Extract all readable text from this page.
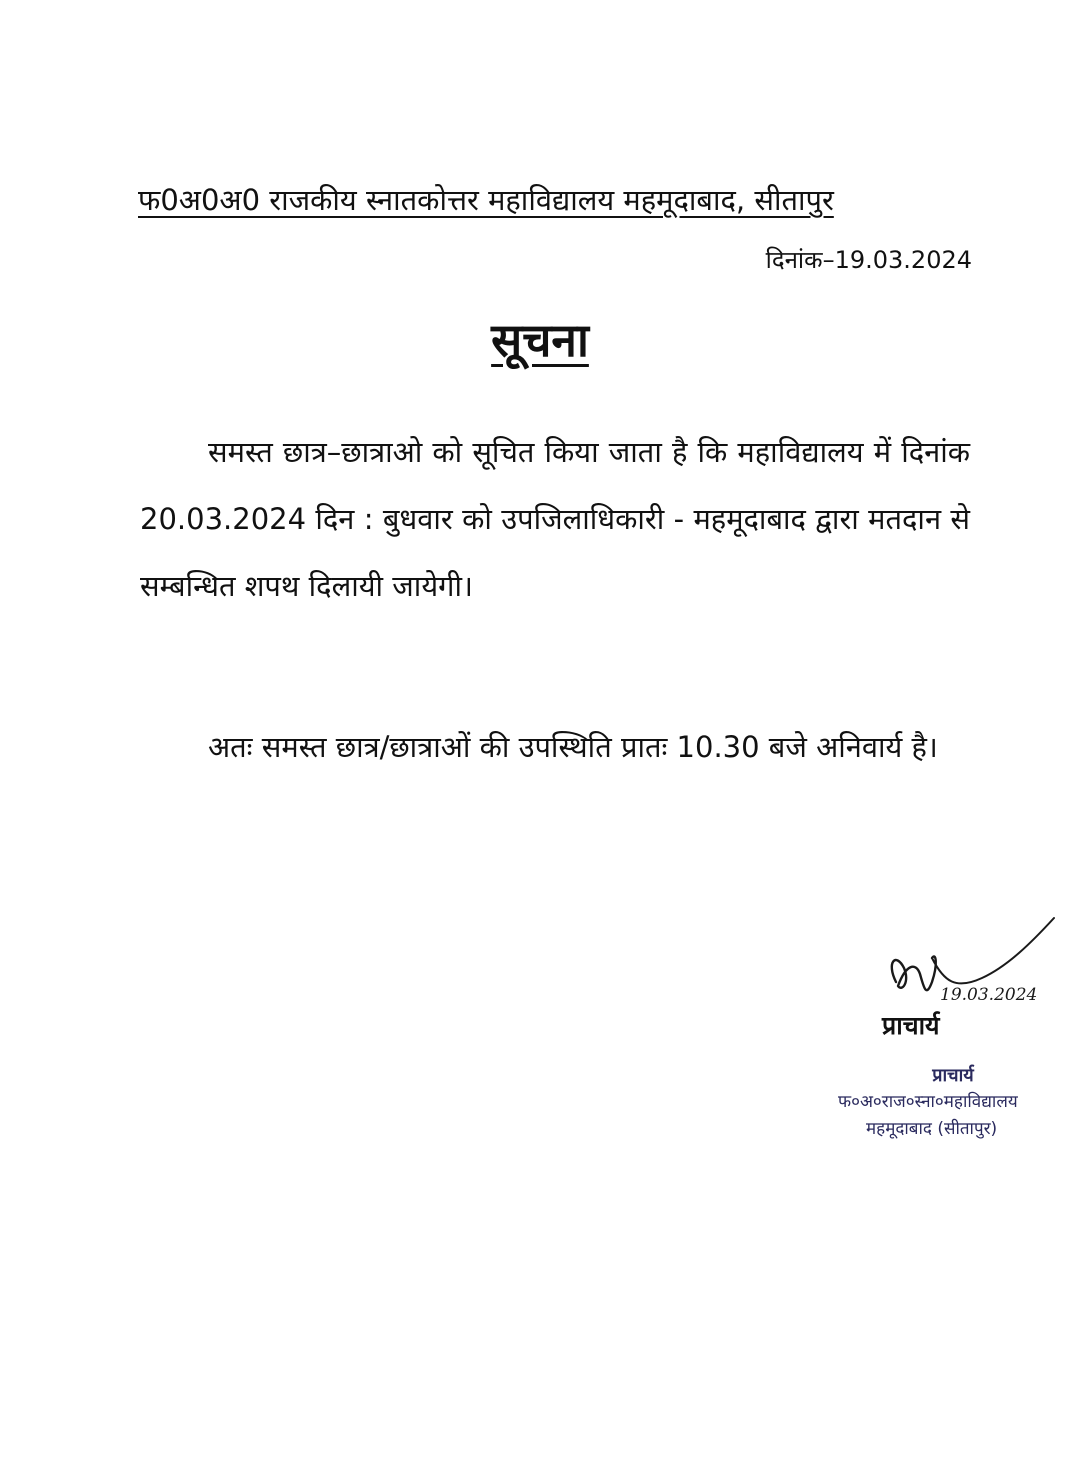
फ0अ0अ0 राजकीय स्नातकोत्तर महाविद्यालय महमूदाबाद, सीतापुर
दिनांक–19.03.2024
सूचना

समस्त छात्र–छात्राओ को सूचित किया जाता है कि महाविद्यालय में दिनांक 20.03.2024 दिन : बुधवार को उपजिलाधिकारी - महमूदाबाद द्वारा मतदान से सम्बन्धित शपथ दिलायी जायेगी।

अतः समस्त छात्र/छात्राओं की उपस्थिति प्रातः 10.30 बजे अनिवार्य है।

19.03.2024
प्राचार्य
प्राचार्य
फ०अ०राज०स्ना०महाविद्यालय
महमूदाबाद (सीतापुर)
